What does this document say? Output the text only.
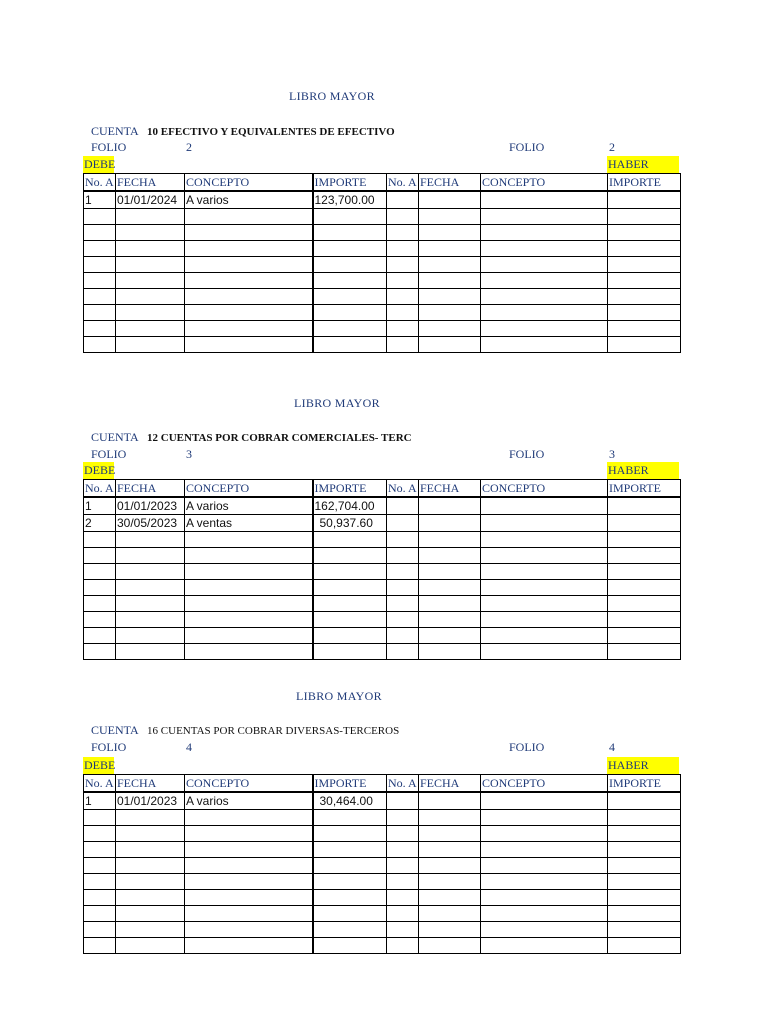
LIBRO MAYOR
CUENTA 10 EFECTIVO Y EQUIVALENTES DE EFECTIVO
FOLIO	2	FOLIO	2
DEBE	HABER
No. A	FECHA	CONCEPTO	IMPORTE	No. A	FECHA	CONCEPTO	IMPORTE
1	01/01/2024	A varios	123,700.00				

LIBRO MAYOR
CUENTA 12 CUENTAS POR COBRAR COMERCIALES- TERC
FOLIO	3	FOLIO	3
DEBE	HABER
No. A	FECHA	CONCEPTO	IMPORTE	No. A	FECHA	CONCEPTO	IMPORTE
1	01/01/2023	A varios	162,704.00				
2	30/05/2023	A ventas	50,937.60				

LIBRO MAYOR
CUENTA 16 CUENTAS POR COBRAR DIVERSAS-TERCEROS
FOLIO	4	FOLIO	4
DEBE	HABER
No. A	FECHA	CONCEPTO	IMPORTE	No. A	FECHA	CONCEPTO	IMPORTE
1	01/01/2023	A varios	30,464.00				
